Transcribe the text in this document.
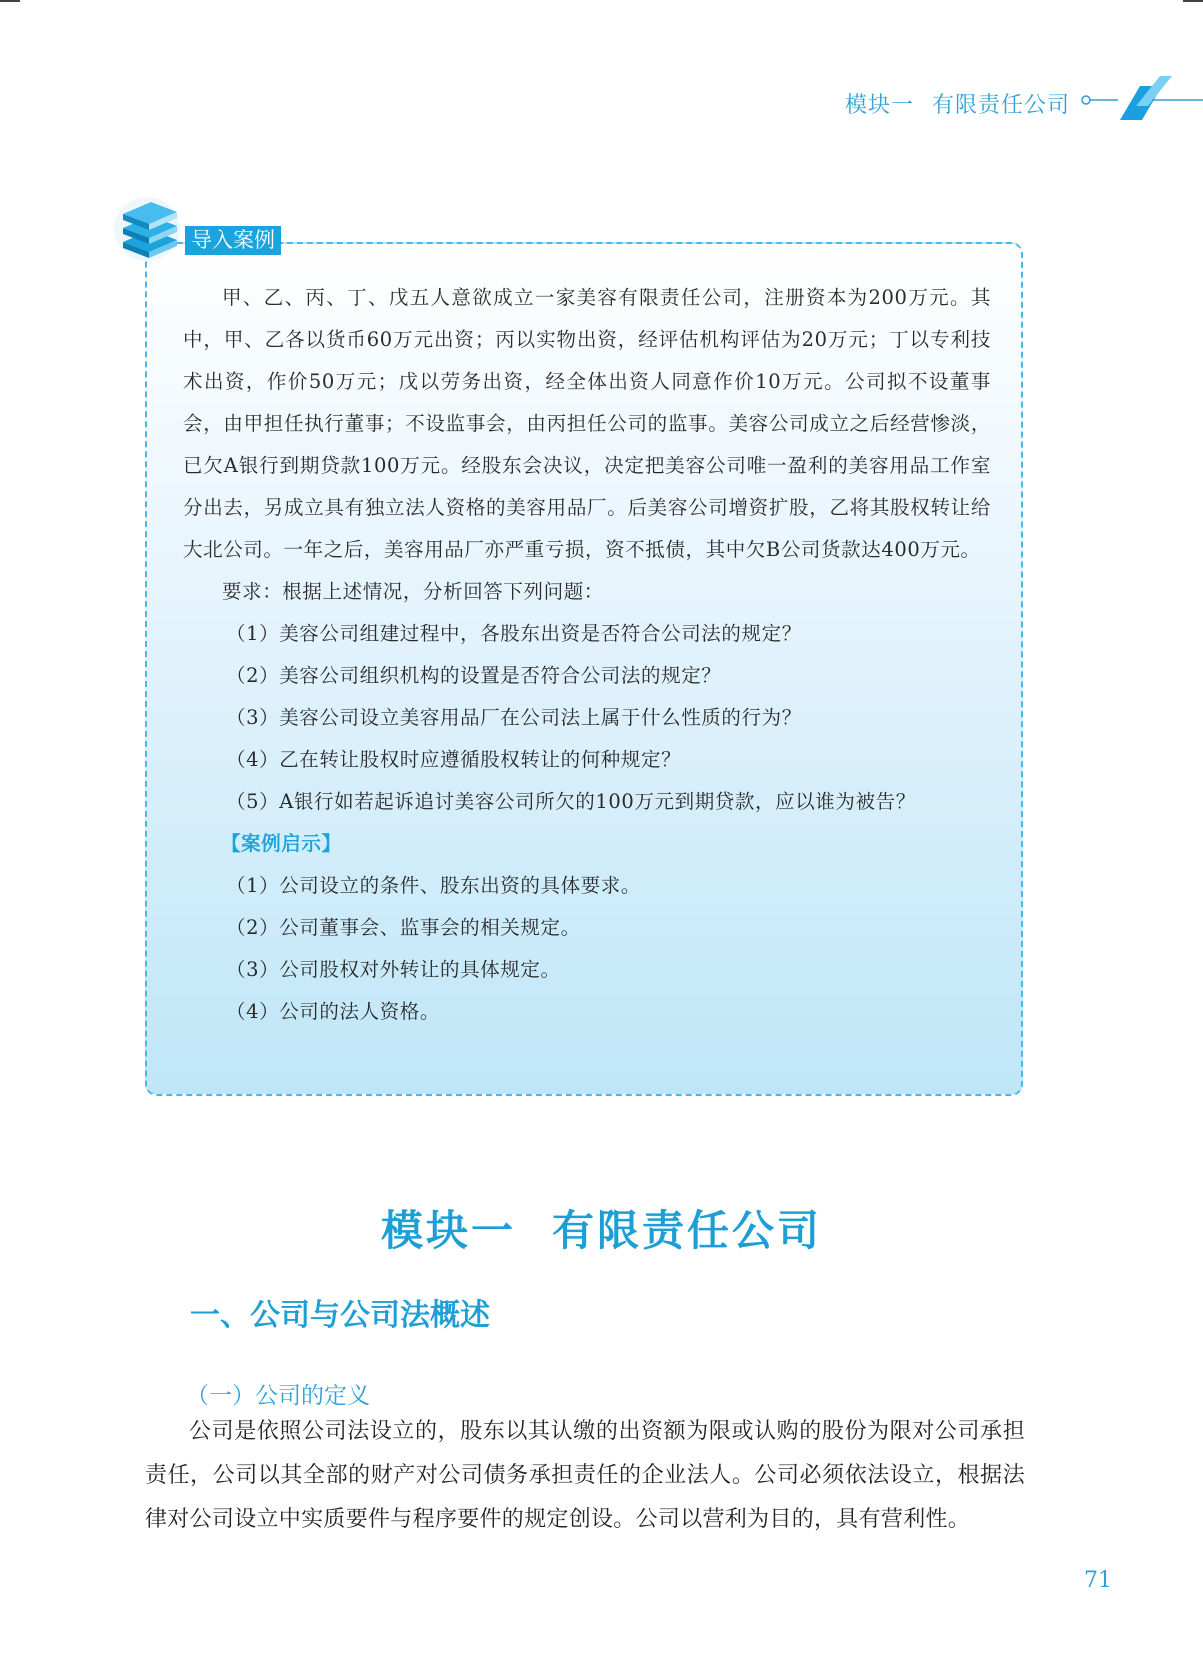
模块一 有限责任公司
导入案例

甲、乙、丙、丁、戊五人意欲成立一家美容有限责任公司，注册资本为200万元。其中，甲、乙各以货币60万元出资；丙以实物出资，经评估机构评估为20万元；丁以专利技术出资，作价50万元；戊以劳务出资，经全体出资人同意作价10万元。公司拟不设董事会，由甲担任执行董事；不设监事会，由丙担任公司的监事。美容公司成立之后经营惨淡，已欠A银行到期贷款100万元。经股东会决议，决定把美容公司唯一盈利的美容用品工作室分出去，另成立具有独立法人资格的美容用品厂。后美容公司增资扩股，乙将其股权转让给大北公司。一年之后，美容用品厂亦严重亏损，资不抵债，其中欠B公司货款达400万元。

要求：根据上述情况，分析回答下列问题：

（1）美容公司组建过程中，各股东出资是否符合公司法的规定？

（2）美容公司组织机构的设置是否符合公司法的规定？

（3）美容公司设立美容用品厂在公司法上属于什么性质的行为？

（4）乙在转让股权时应遵循股权转让的何种规定？

（5）A银行如若起诉追讨美容公司所欠的100万元到期贷款，应以谁为被告？

【案例启示】

（1）公司设立的条件、股东出资的具体要求。

（2）公司董事会、监事会的相关规定。

（3）公司股权对外转让的具体规定。

（4）公司的法人资格。

模块一 有限责任公司
一、公司与公司法概述
（一）公司的定义

公司是依照公司法设立的，股东以其认缴的出资额为限或认购的股份为限对公司承担责任，公司以其全部的财产对公司债务承担责任的企业法人。公司必须依法设立，根据法律对公司设立中实质要件与程序要件的规定创设。公司以营利为目的，具有营利性。

71
